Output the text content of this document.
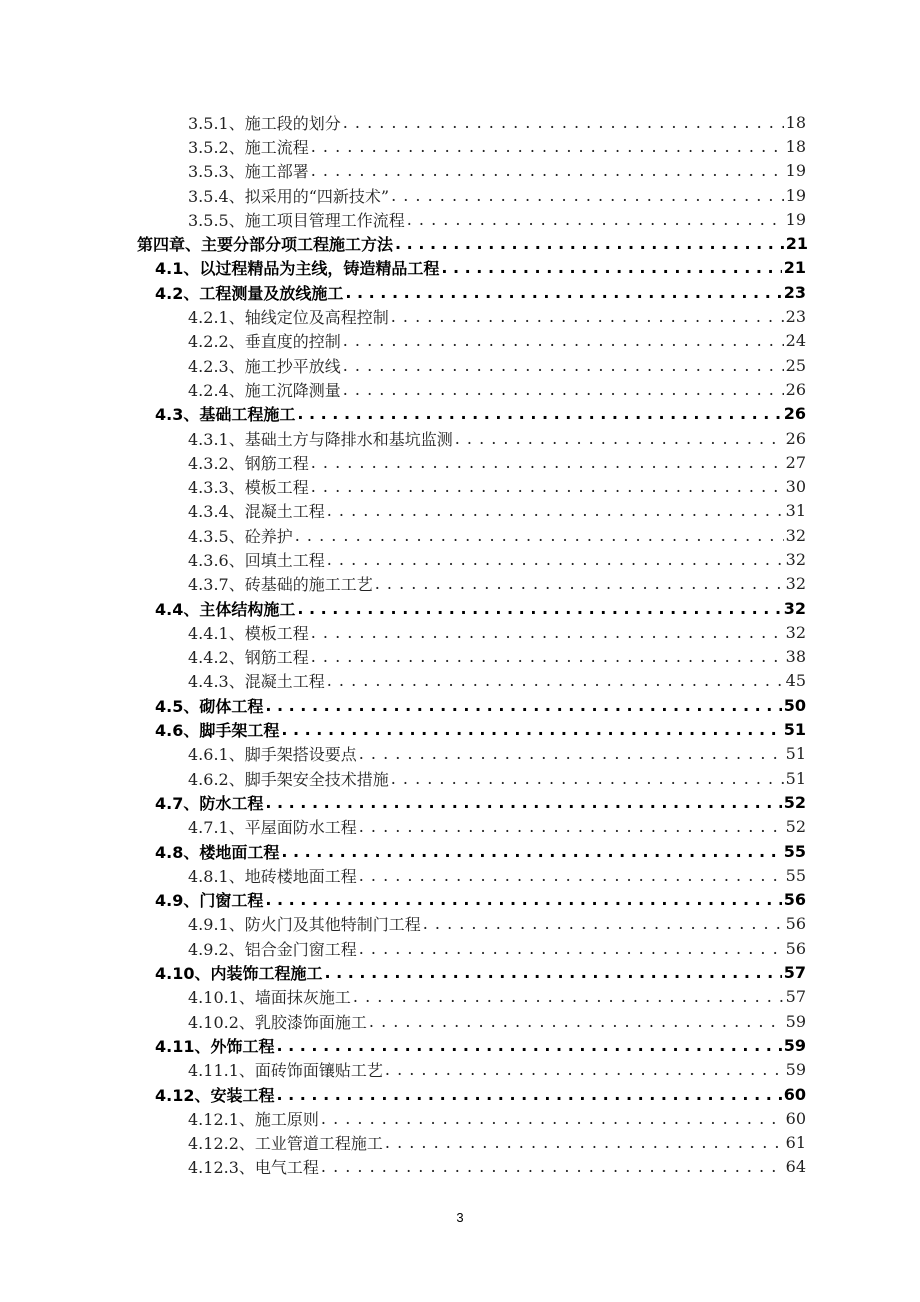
3.5.1、施工段的划分 . . .	18
3.5.2、施工流程 . . .	18
3.5.3、施工部署 . . .	19
3.5.4、拟采用的“四新技术” . . .	19
3.5.5、施工项目管理工作流程 . . .	19
第四章、主要分部分项工程施工方法 . . .	21
4.1、以过程精品为主线，铸造精品工程 . . .	21
4.2、工程测量及放线施工 . . .	23
4.2.1、轴线定位及高程控制 . . .	23
4.2.2、垂直度的控制 . . .	24
4.2.3、施工抄平放线 . . .	25
4.2.4、施工沉降测量 . . .	26
4.3、基础工程施工 . . .	26
4.3.1、基础土方与降排水和基坑监测 . . .	26
4.3.2、钢筋工程 . . .	27
4.3.3、模板工程 . . .	30
4.3.4、混凝土工程 . . .	31
4.3.5、砼养护 . . .	32
4.3.6、回填土工程 . . .	32
4.3.7、砖基础的施工工艺 . . .	32
4.4、主体结构施工 . . .	32
4.4.1、模板工程 . . .	32
4.4.2、钢筋工程 . . .	38
4.4.3、混凝土工程 . . .	45
4.5、砌体工程 . . .	50
4.6、脚手架工程 . . .	51
4.6.1、脚手架搭设要点 . . .	51
4.6.2、脚手架安全技术措施 . . .	51
4.7、防水工程 . . .	52
4.7.1、平屋面防水工程 . . .	52
4.8、楼地面工程 . . .	55
4.8.1、地砖楼地面工程 . . .	55
4.9、门窗工程 . . .	56
4.9.1、防火门及其他特制门工程 . . .	56
4.9.2、铝合金门窗工程 . . .	56
4.10、内装饰工程施工 . . .	57
4.10.1、墙面抹灰施工 . . .	57
4.10.2、乳胶漆饰面施工 . . .	59
4.11、外饰工程 . . .	59
4.11.1、面砖饰面镶贴工艺 . . .	59
4.12、安装工程 . . .	60
4.12.1、施工原则 . . .	60
4.12.2、工业管道工程施工 . . .	61
4.12.3、电气工程 . . .	64
3
